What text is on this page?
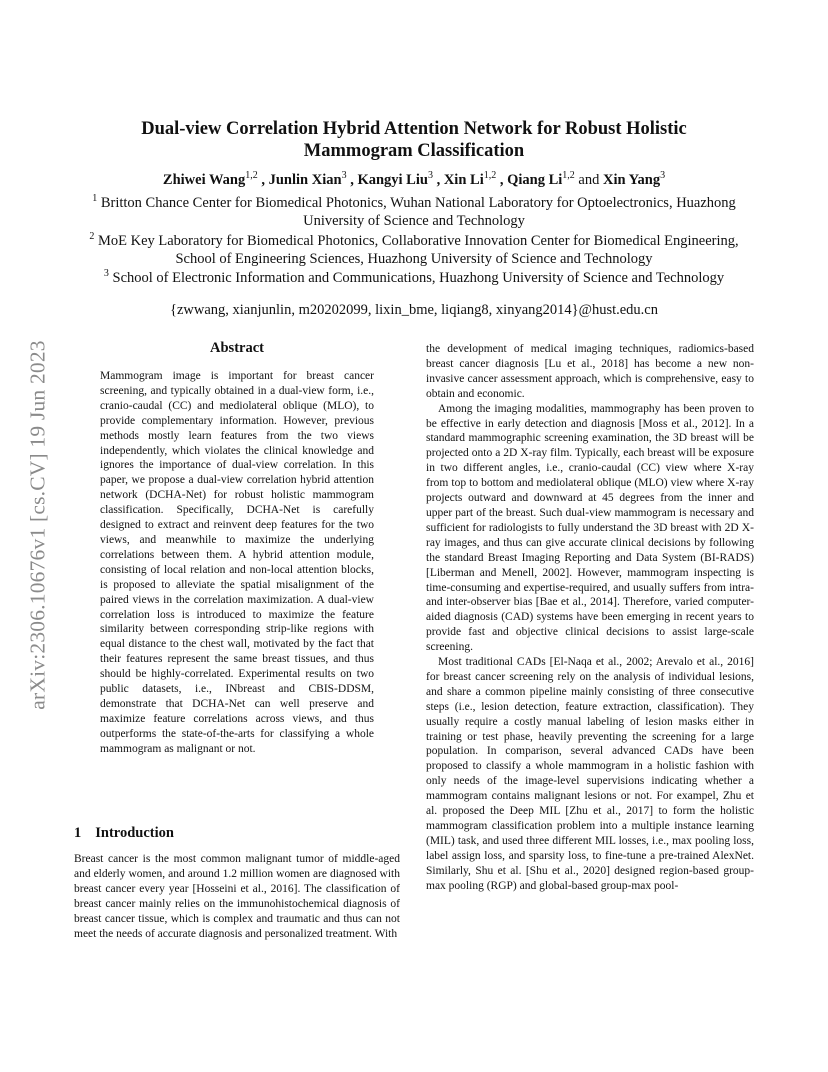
arXiv:2306.10676v1 [cs.CV] 19 Jun 2023
Dual-view Correlation Hybrid Attention Network for Robust Holistic Mammogram Classification
Zhiwei Wang$^{1,2}$ , Junlin Xian$^3$ , Kangyi Liu$^3$ , Xin Li$^{1,2}$ , Qiang Li$^{1,2}$ and Xin Yang$^3$
$^1$ Britton Chance Center for Biomedical Photonics, Wuhan National Laboratory for Optoelectronics, Huazhong University of Science and Technology
$^2$ MoE Key Laboratory for Biomedical Photonics, Collaborative Innovation Center for Biomedical Engineering, School of Engineering Sciences, Huazhong University of Science and Technology
$^3$ School of Electronic Information and Communications, Huazhong University of Science and Technology
{zwwang, xianjunlin, m20202099, lixin_bme, liqiang8, xinyang2014}@hust.edu.cn
Abstract
Mammogram image is important for breast cancer screening, and typically obtained in a dual-view form, i.e., cranio-caudal (CC) and mediolateral oblique (MLO), to provide complementary information. However, previous methods mostly learn features from the two views independently, which violates the clinical knowledge and ignores the importance of dual-view correlation. In this paper, we propose a dual-view correlation hybrid attention network (DCHA-Net) for robust holistic mammogram classification. Specifically, DCHA-Net is carefully designed to extract and reinvent deep features for the two views, and meanwhile to maximize the underlying correlations between them. A hybrid attention module, consisting of local relation and non-local attention blocks, is proposed to alleviate the spatial misalignment of the paired views in the correlation maximization. A dual-view correlation loss is introduced to maximize the feature similarity between corresponding strip-like regions with equal distance to the chest wall, motivated by the fact that their features represent the same breast tissues, and thus should be highly-correlated. Experimental results on two public datasets, i.e., INbreast and CBIS-DDSM, demonstrate that DCHA-Net can well preserve and maximize feature correlations across views, and thus outperforms the state-of-the-arts for classifying a whole mammogram as malignant or not.
1 Introduction
Breast cancer is the most common malignant tumor of middle-aged and elderly women, and around 1.2 million women are diagnosed with breast cancer every year [Hosseini et al., 2016]. The classification of breast cancer mainly relies on the immunohistochemical diagnosis of breast cancer tissue, which is complex and traumatic and thus can not meet the needs of accurate diagnosis and personalized treatment. With

the development of medical imaging techniques, radiomics-based breast cancer diagnosis [Lu et al., 2018] has become a new non-invasive cancer assessment approach, which is comprehensive, easy to obtain and economic.

Among the imaging modalities, mammography has been proven to be effective in early detection and diagnosis [Moss et al., 2012]. In a standard mammographic screening examination, the 3D breast will be projected onto a 2D X-ray film. Typically, each breast will be exposure in two different angles, i.e., cranio-caudal (CC) view where X-ray from top to bottom and mediolateral oblique (MLO) view where X-ray projects outward and downward at 45 degrees from the inner and upper part of the breast. Such dual-view mammogram is necessary and sufficient for radiologists to fully understand the 3D breast with 2D X-ray images, and thus can give accurate clinical decisions by following the standard Breast Imaging Reporting and Data System (BI-RADS) [Liberman and Menell, 2002]. However, mammogram inspecting is time-consuming and expertise-required, and usually suffers from intra- and inter-observer bias [Bae et al., 2014]. Therefore, varied computer-aided diagnosis (CAD) systems have been emerging in recent years to provide fast and objective clinical decisions to assist large-scale screening.

Most traditional CADs [El-Naqa et al., 2002; Arevalo et al., 2016] for breast cancer screening rely on the analysis of individual lesions, and share a common pipeline mainly consisting of three consecutive steps (i.e., lesion detection, feature extraction, classification). They usually require a costly manual labeling of lesion masks either in training or test phase, heavily preventing the screening for a large population. In comparison, several advanced CADs have been proposed to classify a whole mammogram in a holistic fashion with only needs of the image-level supervisions indicating whether a mammogram contains malignant lesions or not. For exampel, Zhu et al. proposed the Deep MIL [Zhu et al., 2017] to form the holistic mammogram classification problem into a multiple instance learning (MIL) task, and used three different MIL losses, i.e., max pooling loss, label assign loss, and sparsity loss, to fine-tune a pre-trained AlexNet. Similarly, Shu et al. [Shu et al., 2020] designed region-based group-max pooling (RGP) and global-based group-max pool-
